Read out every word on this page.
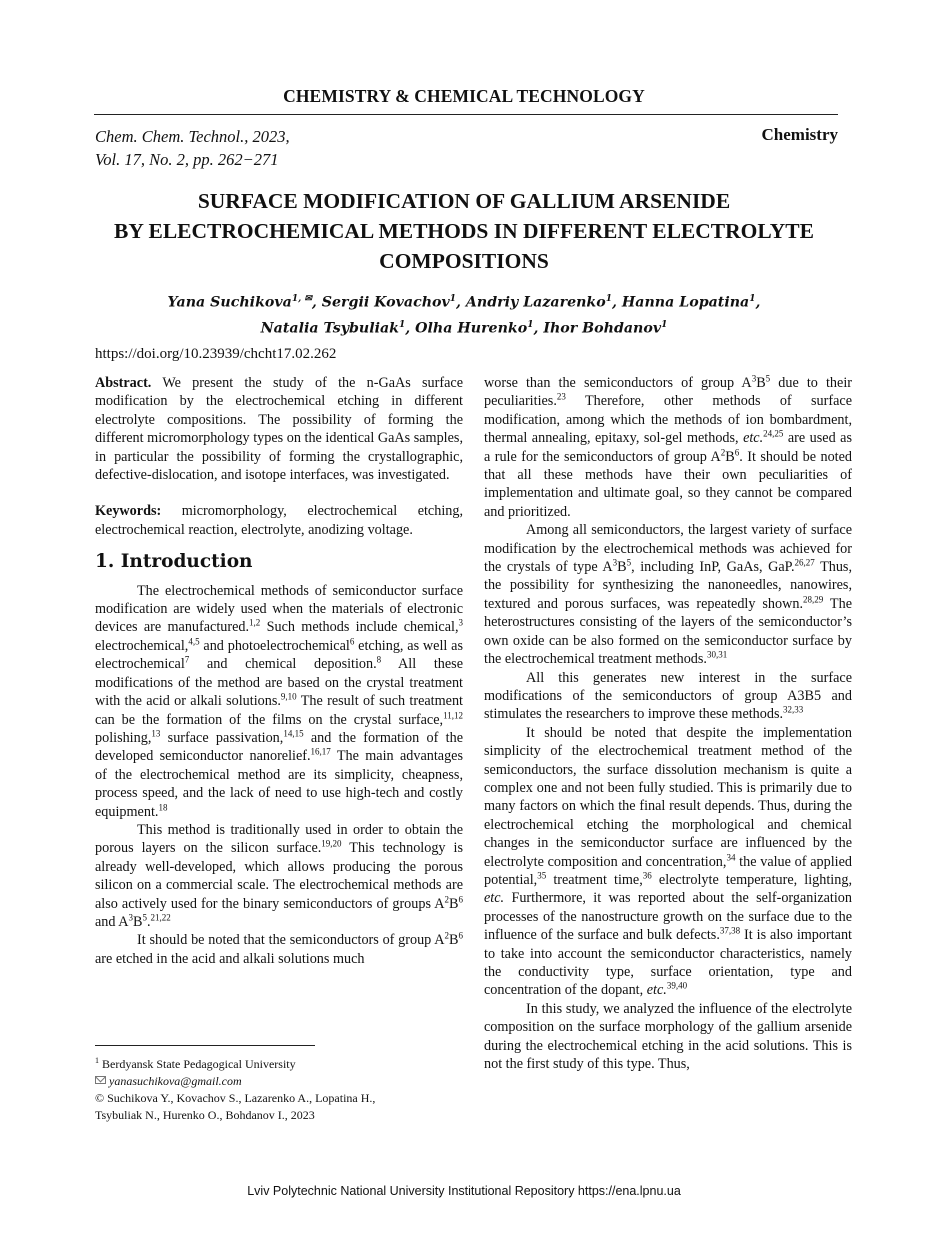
CHEMISTRY & CHEMICAL TECHNOLOGY
Chem. Chem. Technol., 2023,
Vol. 17, No. 2, pp. 262−271
Chemistry
SURFACE MODIFICATION OF GALLIUM ARSENIDE
BY ELECTROCHEMICAL METHODS IN DIFFERENT ELECTROLYTE
COMPOSITIONS
Yana Suchikova$^{1, ✉}$, Sergii Kovachov$^1$, Andriy Lazarenko$^1$, Hanna Lopatina$^1$,
Natalia Tsybuliak$^1$, Olha Hurenko$^1$, Ihor Bohdanov$^1$
https://doi.org/10.23939/chcht17.02.262

Abstract. We present the study of the n-GaAs surface modification by the electrochemical etching in different electrolyte compositions. The possibility of forming the different micromorphology types on the identical GaAs samples, in particular the possibility of forming the crystallographic, defective-dislocation, and isotope interfaces, was investigated.

Keywords: micromorphology, electrochemical etching, electrochemical reaction, electrolyte, anodizing voltage.

1. Introduction

The electrochemical methods of semiconductor surface modification are widely used when the materials of electronic devices are manufactured.$^{1,2}$ Such methods include chemical,$^3$ electrochemical,$^{4,5}$ and photoelectrochemical$^6$ etching, as well as electrochemical$^7$ and chemical deposition.$^8$ All these modifications of the method are based on the crystal treatment with the acid or alkali solutions.$^{9,10}$ The result of such treatment can be the formation of the films on the crystal surface,$^{11,12}$ polishing,$^{13}$ surface passivation,$^{14,15}$ and the formation of the developed semiconductor nanorelief.$^{16,17}$ The main advantages of the electrochemical method are its simplicity, cheapness, process speed, and the lack of need to use high-tech and costly equipment.$^{18}$

This method is traditionally used in order to obtain the porous layers on the silicon surface.$^{19,20}$ This technology is already well-developed, which allows producing the porous silicon on a commercial scale. The electrochemical methods are also actively used for the binary semiconductors of groups $A^2B^6$ and $A^3B^5.^{21,22}$

It should be noted that the semiconductors of group $A^2B^6$ are etched in the acid and alkali solutions much

worse than the semiconductors of group $A^3B^5$ due to their peculiarities.$^{23}$ Therefore, other methods of surface modification, among which the methods of ion bombardment, thermal annealing, epitaxy, sol-gel methods, etc.$^{24,25}$ are used as a rule for the semiconductors of group $A^2B^6$. It should be noted that all these methods have their own peculiarities of implementation and ultimate goal, so they cannot be compared and prioritized.

Among all semiconductors, the largest variety of surface modification by the electrochemical methods was achieved for the crystals of type $A^3B^5$, including InP, GaAs, GaP.$^{26,27}$ Thus, the possibility for synthesizing the nanoneedles, nanowires, textured and porous surfaces, was repeatedly shown.$^{28,29}$ The heterostructures consisting of the layers of the semiconductor’s own oxide can be also formed on the semiconductor surface by the electrochemical treatment methods.$^{30,31}$

All this generates new interest in the surface modifications of the semiconductors of group A3B5 and stimulates the researchers to improve these methods.$^{32,33}$

It should be noted that despite the implementation simplicity of the electrochemical treatment method of the semiconductors, the surface dissolution mechanism is quite a complex one and not been fully studied. This is primarily due to many factors on which the final result depends. Thus, during the electrochemical etching the morphological and chemical changes in the semiconductor surface are influenced by the electrolyte composition and concentration,$^{34}$ the value of applied potential,$^{35}$ treatment time,$^{36}$ electrolyte temperature, lighting, etc. Furthermore, it was reported about the self-organization processes of the nanostructure growth on the surface due to the influence of the surface and bulk defects.$^{37,38}$ It is also important to take into account the semiconductor characteristics, namely the conductivity type, surface orientation, type and concentration of the dopant, etc.$^{39,40}$

In this study, we analyzed the influence of the electrolyte composition on the surface morphology of the gallium arsenide during the electrochemical etching in the acid solutions. This is not the first study of this type. Thus,

$^1$ Berdyansk State Pedagogical University
yanasuchikova@gmail.com
© Suchikova Y., Kovachov S., Lazarenko A., Lopatina H.,
Tsybuliak N., Hurenko O., Bohdanov I., 2023
Lviv Polytechnic National University Institutional Repository https://ena.lpnu.ua
